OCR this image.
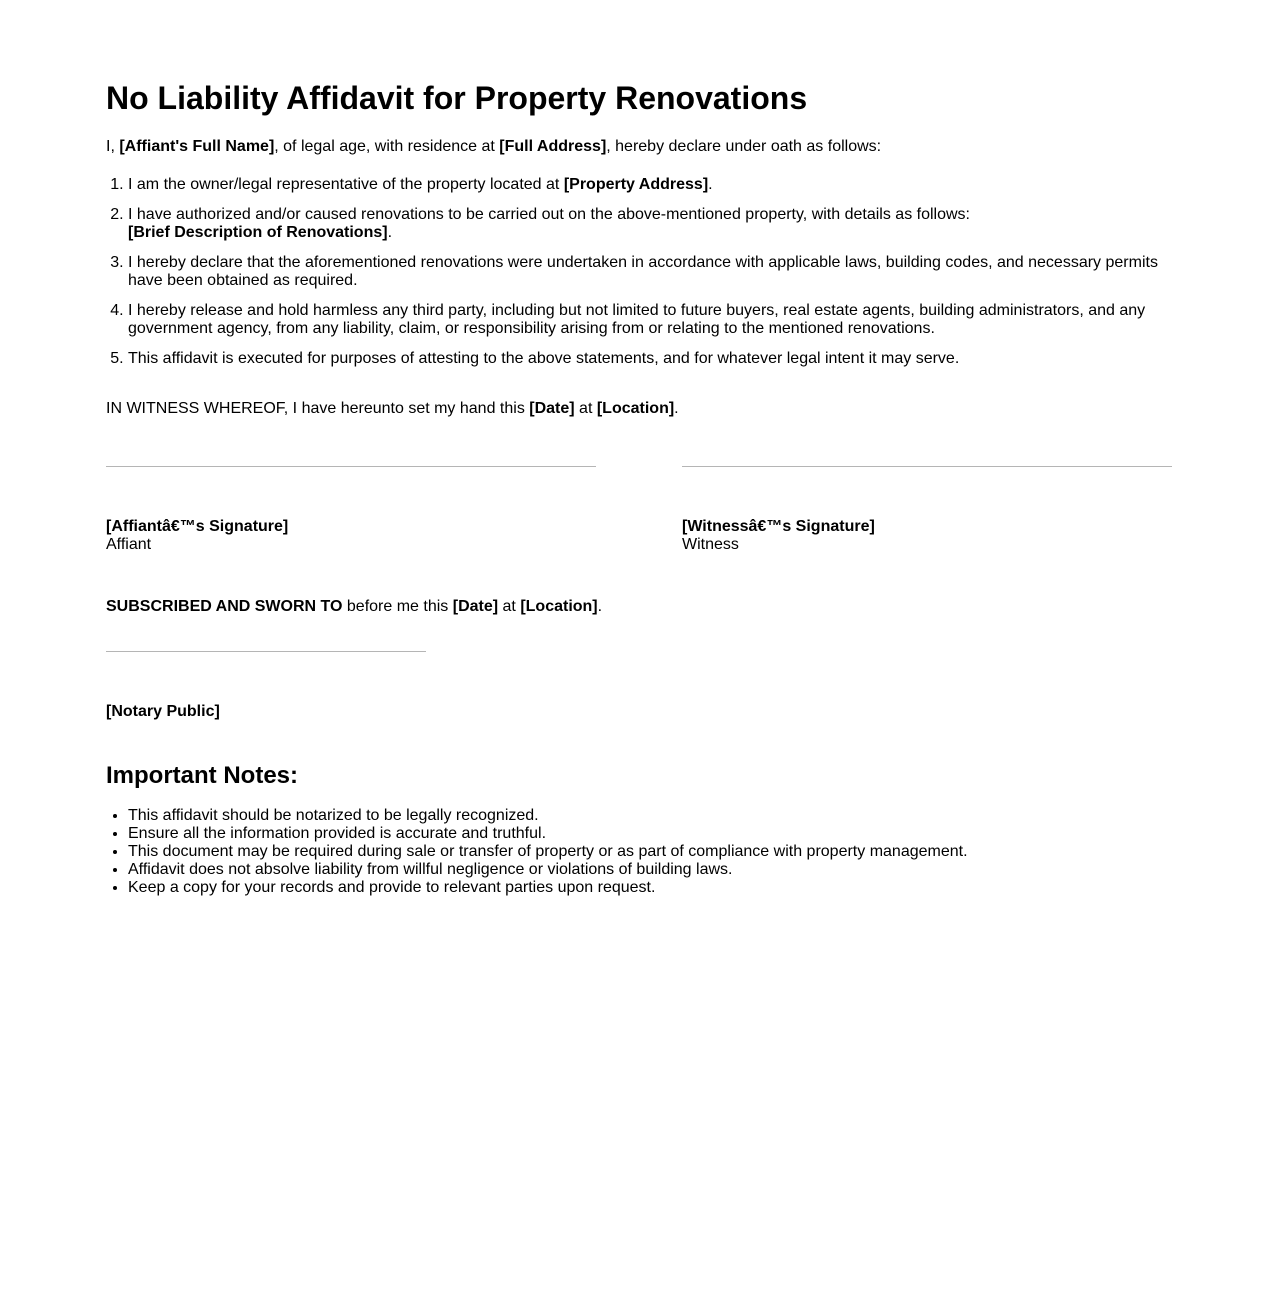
No Liability Affidavit for Property Renovations

I, [Affiant's Full Name], of legal age, with residence at [Full Address], hereby declare under oath as follows:

1. I am the owner/legal representative of the property located at [Property Address].
2. I have authorized and/or caused renovations to be carried out on the above-mentioned property, with details as follows:
[Brief Description of Renovations].
3. I hereby declare that the aforementioned renovations were undertaken in accordance with applicable laws, building codes, and necessary permits have been obtained as required.
4. I hereby release and hold harmless any third party, including but not limited to future buyers, real estate agents, building administrators, and any government agency, from any liability, claim, or responsibility arising from or relating to the mentioned renovations.
5. This affidavit is executed for purposes of attesting to the above statements, and for whatever legal intent it may serve.

IN WITNESS WHEREOF, I have hereunto set my hand this [Date] at [Location].

[Affiantâ€™s Signature]
Affiant
[Witnessâ€™s Signature]
Witness

SUBSCRIBED AND SWORN TO before me this [Date] at [Location].

[Notary Public]

Important Notes:
• This affidavit should be notarized to be legally recognized.
• Ensure all the information provided is accurate and truthful.
• This document may be required during sale or transfer of property or as part of compliance with property management.
• Affidavit does not absolve liability from willful negligence or violations of building laws.
• Keep a copy for your records and provide to relevant parties upon request.
